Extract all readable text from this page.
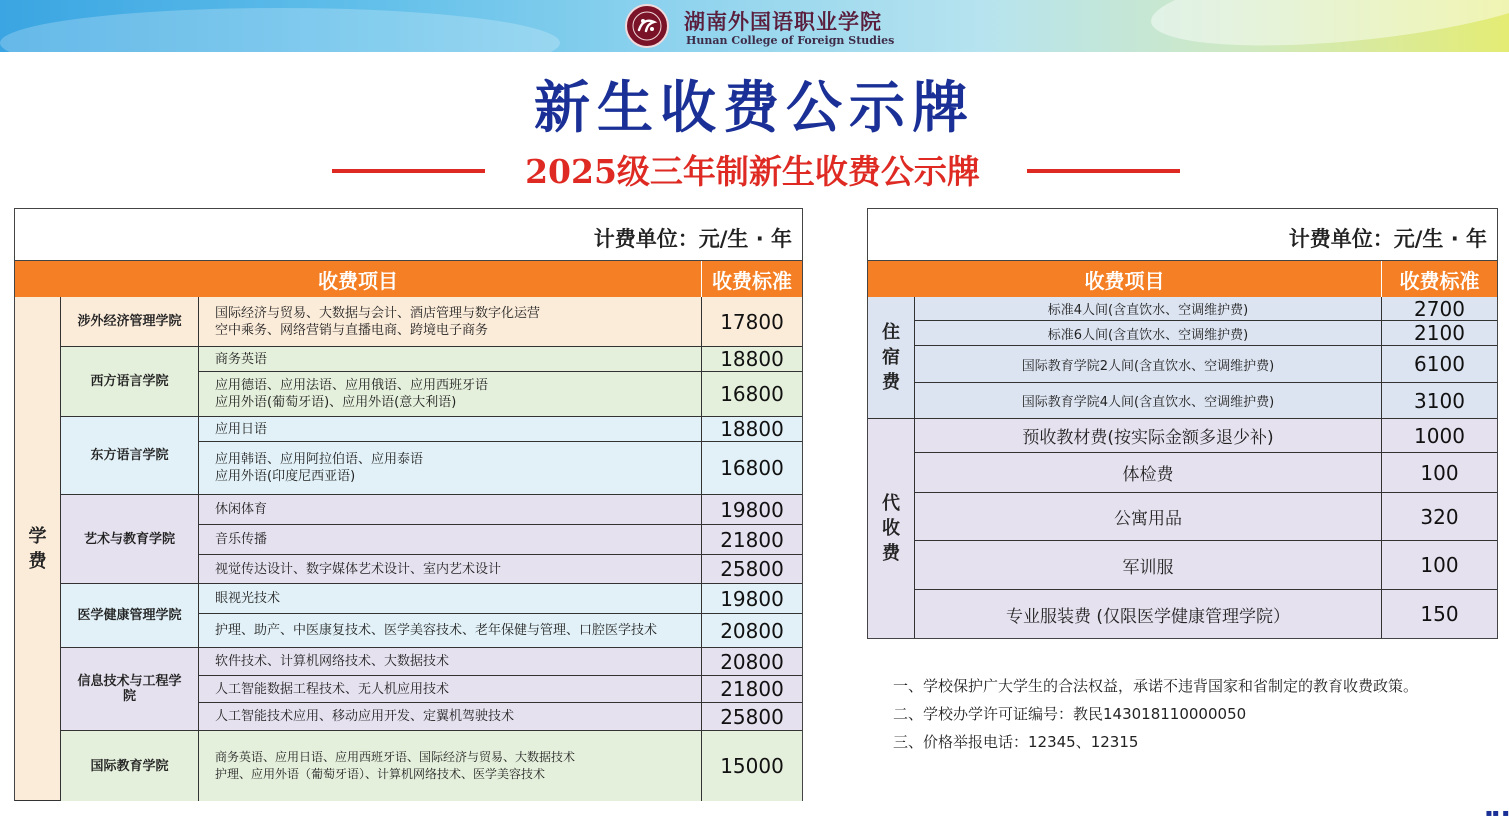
湖南外国语职业学院
Hunan College of Foreign Studies
新生收费公示牌
2025级三年制新生收费公示牌
计费单位：元/生 · 年
收费项目	收费标准
学费
涉外经济管理学院
国际经济与贸易、大数据与会计、酒店管理与数字化运营
空中乘务、网络营销与直播电商、跨境电子商务	17800
西方语言学院
商务英语	18800
应用德语、应用法语、应用俄语、应用西班牙语
应用外语(葡萄牙语)、应用外语(意大利语)	16800
东方语言学院
应用日语	18800
应用韩语、应用阿拉伯语、应用泰语
应用外语(印度尼西亚语)	16800
艺术与教育学院
休闲体育	19800
音乐传播	21800
视觉传达设计、数字媒体艺术设计、室内艺术设计	25800
医学健康管理学院
眼视光技术	19800
护理、助产、中医康复技术、医学美容技术、老年保健与管理、口腔医学技术	20800
信息技术与工程学院
软件技术、计算机网络技术、大数据技术	20800
人工智能数据工程技术、无人机应用技术	21800
人工智能技术应用、移动应用开发、定翼机驾驶技术	25800
国际教育学院
商务英语、应用日语、应用西班牙语、国际经济与贸易、大数据技术
护理、应用外语（葡萄牙语）、计算机网络技术、医学美容技术	15000
计费单位：元/生 · 年
收费项目	收费标准
住宿费
标准4人间(含直饮水、空调维护费)	2700
标准6人间(含直饮水、空调维护费)	2100
国际教育学院2人间(含直饮水、空调维护费)	6100
国际教育学院4人间(含直饮水、空调维护费)	3100
代收费
预收教材费(按实际金额多退少补)	1000
体检费	100
公寓用品	320
军训服	100
专业服装费 (仅限医学健康管理学院）	150
一、学校保护广大学生的合法权益，承诺不违背国家和省制定的教育收费政策。
二、学校办学许可证编号：教民143018110000050
三、价格举报电话：12345、12315
▪▪ ▪
